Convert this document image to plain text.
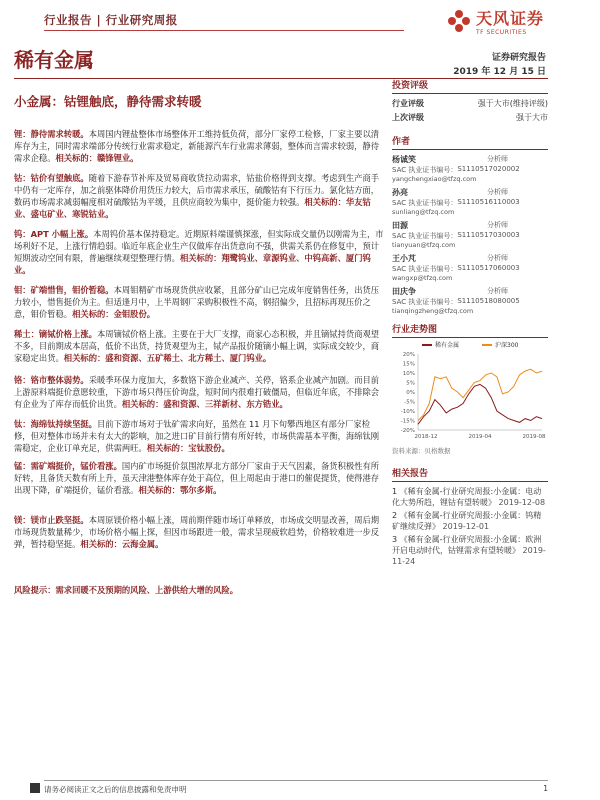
行业报告 | 行业研究周报	天风证券
TF SECURITIES
稀有金属	证券研究报告
2019 年 12 月 15 日
小金属：钴锂触底，静待需求转暖
锂：静待需求转暖。本周国内锂盐整体市场整体开工维持低负荷，部分厂家停工检修，厂家主要以清库存为主，同时需求端部分传统行业需求稳定，新能源汽车行业需求薄弱，整体而言需求较弱，静待需求企稳。相关标的：赣锋锂业。
钴：钴价有望触底。随着下游春节补库及贸易商收货拉动需求，钴盐价格得到支撑。考虑到生产商手中仍有一定库存，加之前驱体降价用货压力较大，后市需求承压，硫酸钴有下行压力。氯化钴方面，数码市场需求减弱幅度相对硫酸钴为平缓，且供应商较为集中，挺价能力较强。相关标的：华友钴业、盛屯矿业、寒锐钴业。
钨：APT 小幅上涨。本周钨价基本保持稳定。近期原料端谨慎探涨，但实际成交量仍以刚需为主，市场利好不足，上涨行情趋弱。临近年底企业生产仅做库存出货意向不强，供需关系仍在修复中，预计短期波动空间有限，普遍继续观望整理行情。相关标的：翔鹭钨业、章源钨业、中钨高新、厦门钨业。
钼：矿端惜售，钼价暂稳。本周钼精矿市场现货供应收紧，且部分矿山已完成年度销售任务，出货压力较小，惜售挺价为主。但适逢月中，上半周钢厂采购积极性不高，钢招偏少，且招标再现压价之意，钼价暂稳。相关标的：金钼股份。
稀土：镝铽价格上涨。本周镝铽价格上涨。主要在于大厂支撑，商家心态积极，并且镝铽持货商观望不多，目前期成本居高，低价不出货，持货观望为主，铽产品报价随镝小幅上调，实际成交较少，商家稳定出货。相关标的：盛和资源、五矿稀土、北方稀土、厦门钨业。
铬：铬市整体弱势。采暖季环保力度加大，多数铬下游企业减产、关停，铬系企业减产加剧。而目前上游原料端挺价意愿较重，下游市场只得压价询盘，短时间内很难打破僵局，但临近年底，不排除会有企业为了库存而低价出货。相关标的：盛和资源、三祥新材、东方锆业。
钛：海绵钛持续坚挺。目前下游市场对于钛矿需求向好，虽然在 11 月下旬攀西地区有部分厂家检修，但对整体市场并未有太大的影响，加之进口矿目前行情有所好转，市场供需基本平衡，海绵钛刚需稳定，企业订单充足，供需两旺。相关标的：宝钛股份。
锰：需矿端挺价，锰价看涨。国内矿市场挺价氛围浓厚北方部分厂家由于天气因素，备货积极性有所好转，且备货天数有所上升，虽天津港整体库存处于高位，但上周起由于港口的催促提货，使得港存出现下降，矿端挺价，锰价看涨。相关标的：鄂尔多斯。
镁：镁市止跌坚挺。本周原镁价格小幅上涨，周前期伴随市场订单释放，市场成交明显改善，周后期市场现货数量稀少，市场价格小幅上探，但因市场跟进一般，需求呈现疲软趋势，价格较难进一步反弹，暂持稳坚挺。相关标的：云海金属。
风险提示：需求回暖不及预期的风险、上游供给大增的风险。
投资评级
行业评级	强于大市(维持评级)
上次评级	强于大市
作者
杨诚笑	分析师
SAC 执业证书编号： S1110517020002
yangchengxiao@tfzq.com
孙亮	分析师
SAC 执业证书编号： S1110516110003
sunliang@tfzq.com
田源	分析师
SAC 执业证书编号： S1110517030003
tianyuan@tfzq.com
王小芃	分析师
SAC 执业证书编号： S1110517060003
wangxp@tfzq.com
田庆争	分析师
SAC 执业证书编号： S1110518080005
tianqingzheng@tfzq.com
行业走势图
稀有金属	沪深300
20%
15%
10%
5%
0%
-5%
-10%
-15%
-20%
2018-12	2019-04	2019-08
资料来源：贝格数据
相关报告
1 《稀有金属-行业研究周报:小金属：电动化大势所趋，锂钴有望转暖》 2019-12-08
2 《稀有金属-行业研究周报:小金属：钨精矿继续反弹》 2019-12-01
3 《稀有金属-行业研究周报:小金属：欧洲开启电动时代，钴锂需求有望转暖》 2019-11-24
请务必阅读正文之后的信息披露和免责申明	1
